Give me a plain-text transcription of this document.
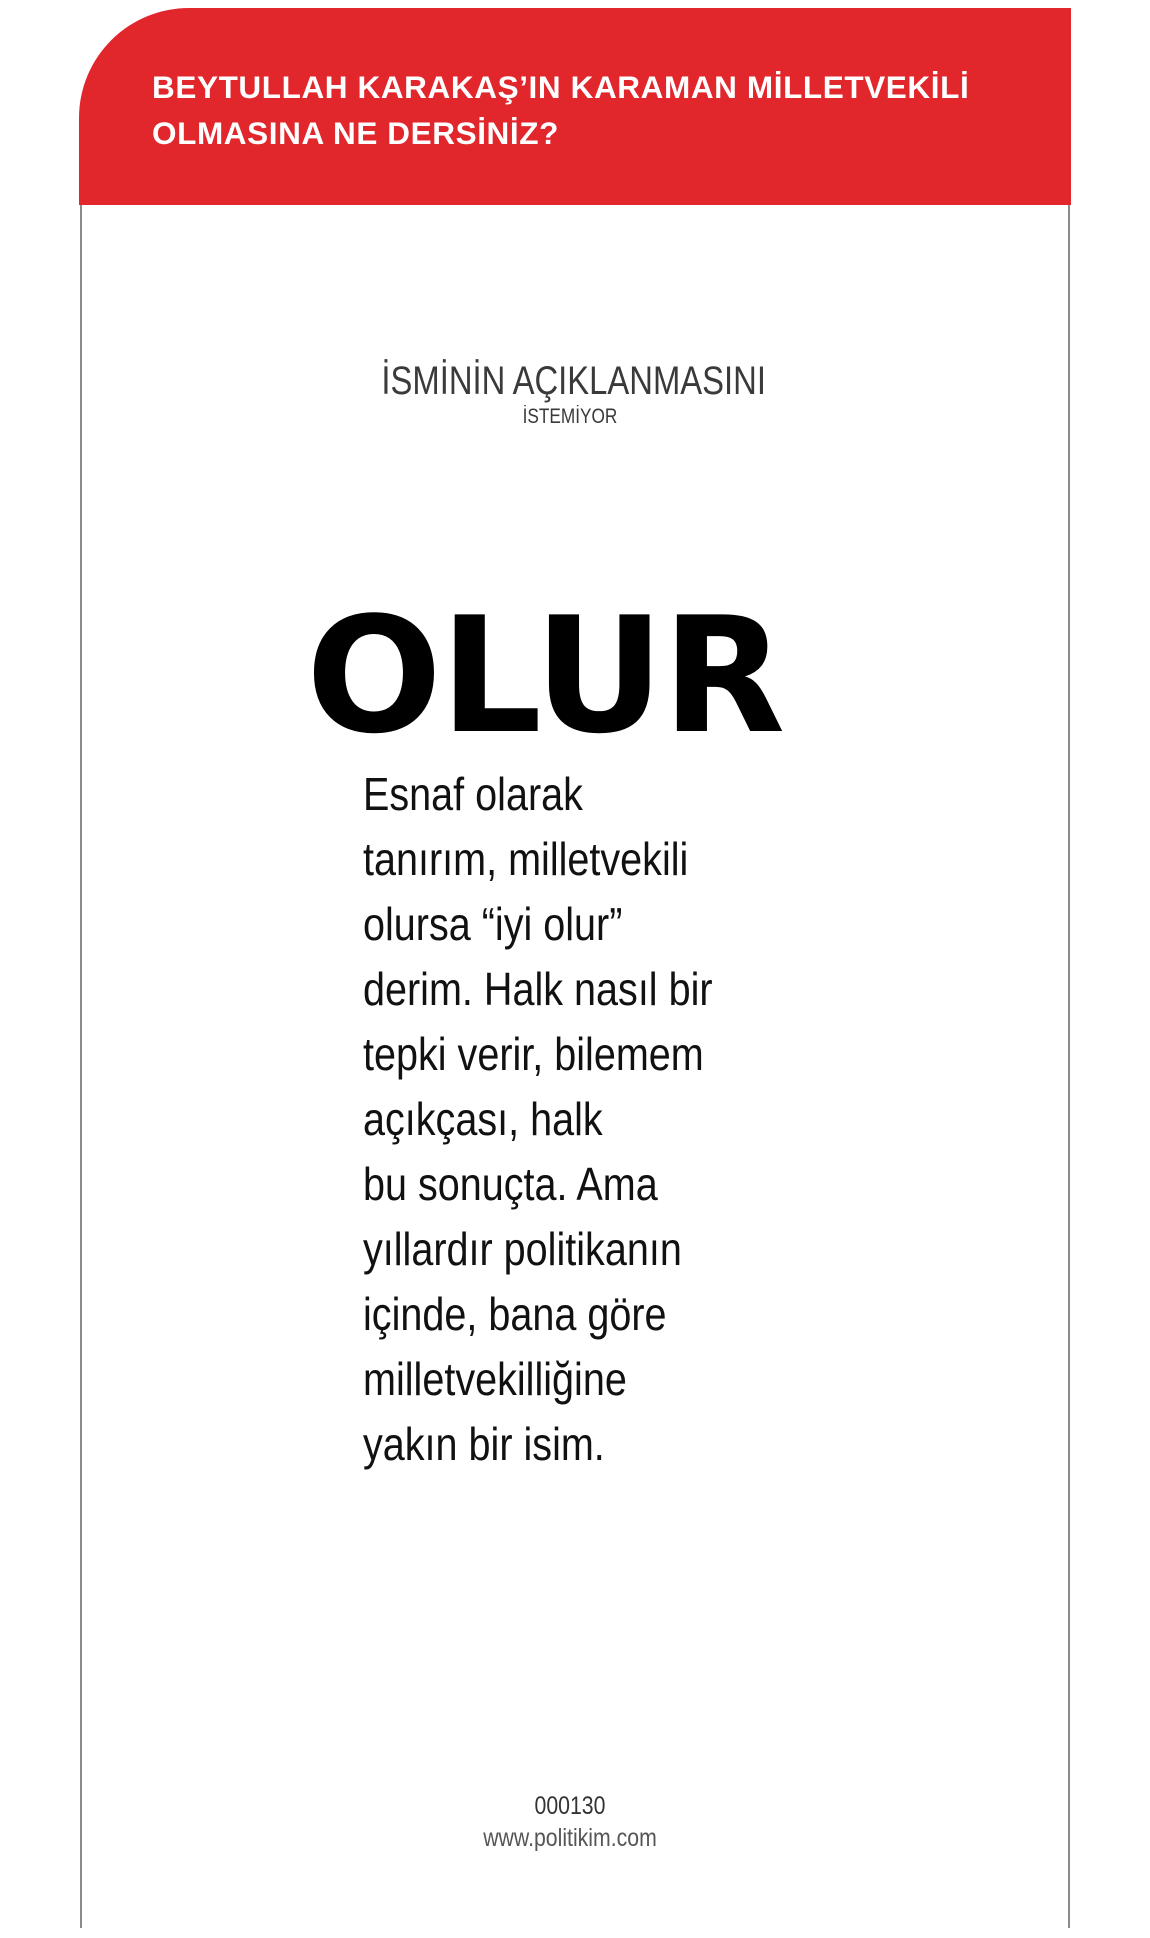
BEYTULLAH KARAKAŞ’IN KARAMAN MİLLETVEKİLİ
OLMASINA NE DERSİNİZ?
İSMİNİN AÇIKLANMASINI
İSTEMİYOR
OLUR

Esnaf olarak
tanırım, milletvekili
olursa “iyi olur”
derim. Halk nasıl bir
tepki verir, bilemem
açıkçası, halk
bu sonuçta. Ama
yıllardır politikanın
içinde, bana göre
milletvekilliğine
yakın bir isim.

000130
www.politikim.com
